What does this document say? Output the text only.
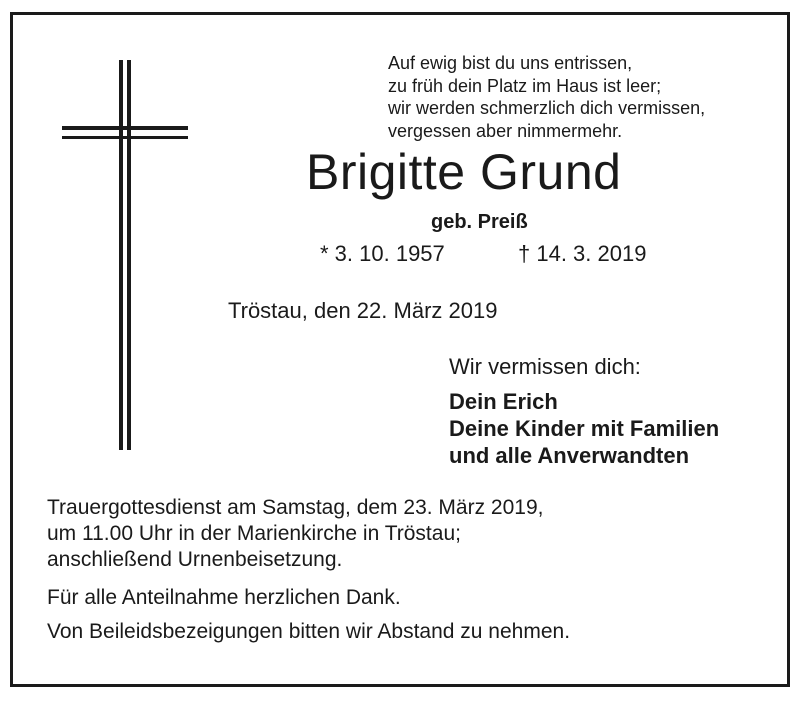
Auf ewig bist du uns entrissen,
zu früh dein Platz im Haus ist leer;
wir werden schmerzlich dich vermissen,
vergessen aber nimmermehr.
Brigitte Grund
geb. Preiß
* 3. 10. 1957	† 14. 3. 2019
Tröstau, den 22. März 2019
Wir vermissen dich:
Dein Erich
Deine Kinder mit Familien
und alle Anverwandten
Trauergottesdienst am Samstag, dem 23. März 2019,
um 11.00 Uhr in der Marienkirche in Tröstau;
anschließend Urnenbeisetzung.
Für alle Anteilnahme herzlichen Dank.
Von Beileidsbezeigungen bitten wir Abstand zu nehmen.
